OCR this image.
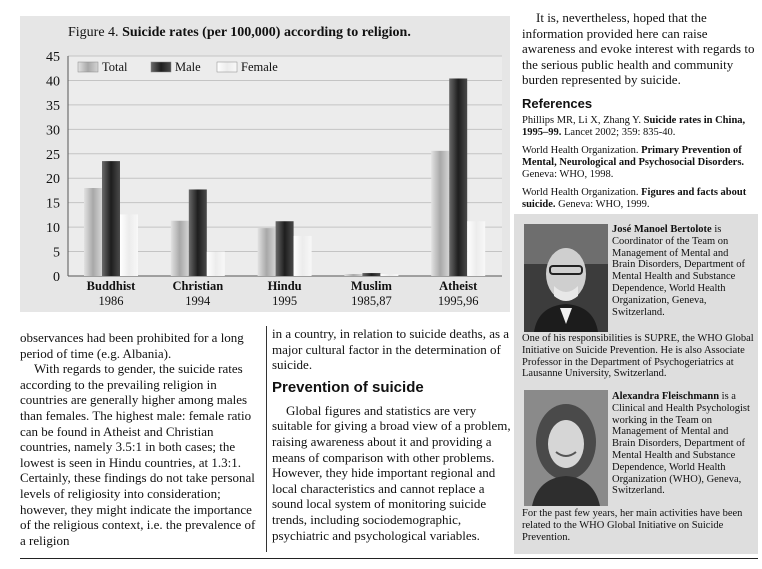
Figure 4. Suicide rates (per 100,000) according to religion.
0
5
10
15
20
25
30
35
40
45
Buddhist
1986
Christian
1994
Hindu
1995
Muslim
1985,87
Atheist
1995,96
Total	Male	Female

observances had been prohibited for a long period of time (e.g. Albania).

With regards to gender, the suicide rates according to the prevailing religion in countries are generally higher among males than females. The highest male: female ratio can be found in Atheist and Christian countries, namely 3.5:1 in both cases; the lowest is seen in Hindu countries, at 1.3:1. Certainly, these findings do not take personal levels of religiosity into consideration; however, they might indicate the importance of the religious context, i.e. the prevalence of a religion

in a country, in relation to suicide deaths, as a major cultural factor in the determination of suicide.

Prevention of suicide

Global figures and statistics are very suitable for giving a broad view of a problem, raising awareness about it and providing a means of comparison with other problems. However, they hide important regional and local characteristics and cannot replace a sound local system of monitoring suicide trends, including sociodemographic, psychiatric and psychological variables.

It is, nevertheless, hoped that the information provided here can raise awareness and evoke interest with regards to the serious public health and community burden represented by suicide.

References

Phillips MR, Li X, Zhang Y. Suicide rates in China, 1995–99. Lancet 2002; 359: 835-40.

World Health Organization. Primary Prevention of Mental, Neurological and Psychosocial Disorders. Geneva: WHO, 1998.

World Health Organization. Figures and facts about suicide. Geneva: WHO, 1999.

José Manoel Bertolote is Coordinator of the Team on Management of Mental and Brain Disorders, Department of Mental Health and Substance Dependence, World Health Organization, Geneva, Switzerland.
One of his responsibilities is SUPRE, the WHO Global Initiative on Suicide Prevention. He is also Associate Professor in the Department of Psychogeriatrics at Lausanne University, Switzerland.
Alexandra Fleischmann is a Clinical and Health Psychologist working in the Team on Management of Mental and Brain Disorders, Department of Mental Health and Substance Dependence, World Health Organization (WHO), Geneva, Switzerland.
For the past few years, her main activities have been related to the WHO Global Initiative on Suicide Prevention.
